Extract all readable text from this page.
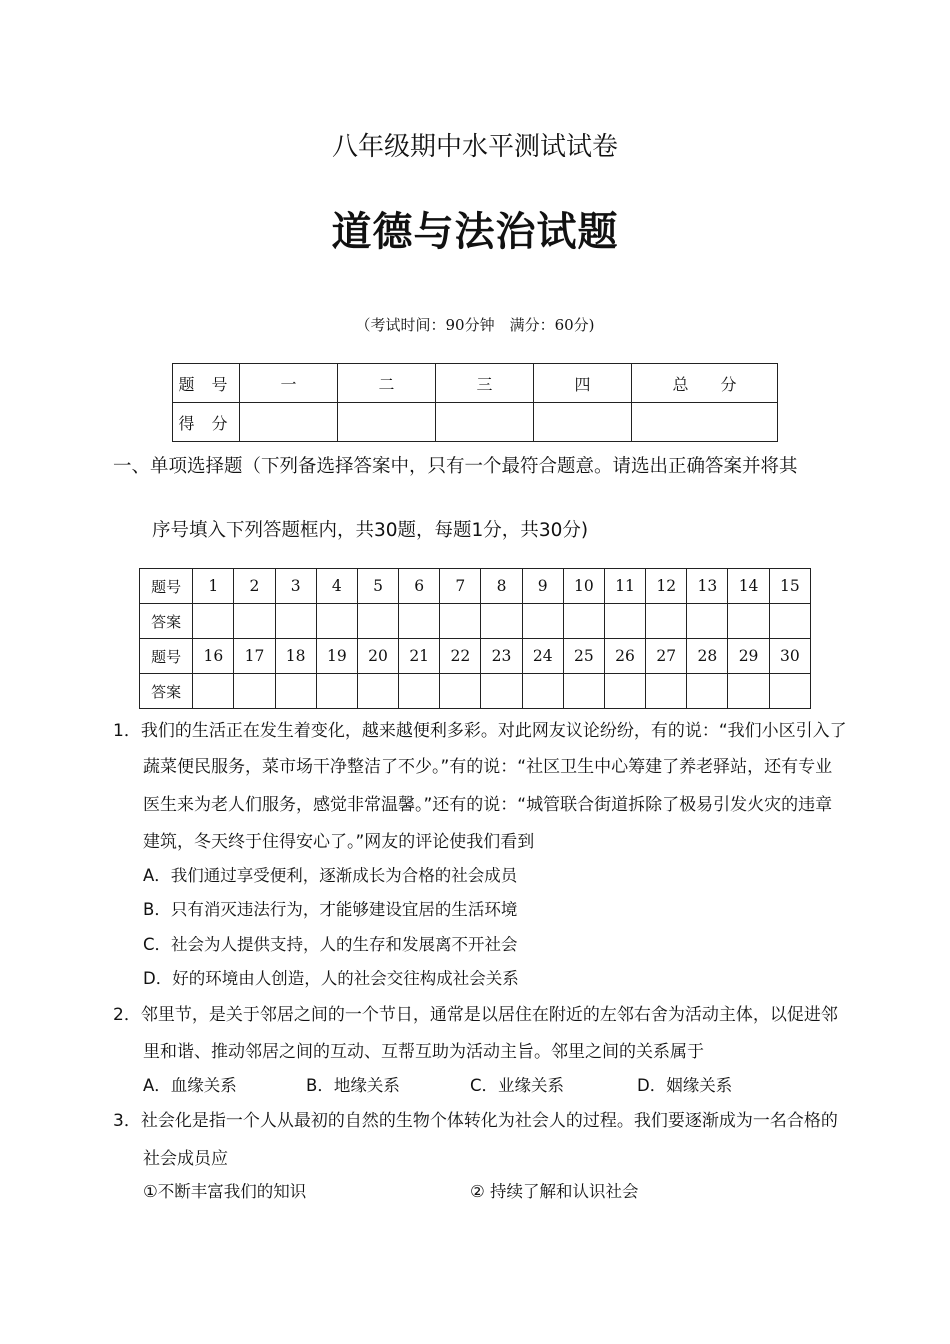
八年级期中水平测试试卷
道德与法治试题
（考试时间：90分钟　满分：60分)
题 号	一	二	三	四	总　　分
得 分					
一、单项选择题（下列备选择答案中，只有一个最符合题意。请选出正确答案并将其
序号填入下列答题框内，共30题，每题1分，共30分)
题号	1	2	3	4	5	6	7	8	9	10	11	12	13	14	15
答案															
题号	16	17	18	19	20	21	22	23	24	25	26	27	28	29	30
答案															
1．我们的生活正在发生着变化，越来越便利多彩。对此网友议论纷纷，有的说：“我们小区引入了
蔬菜便民服务，菜市场干净整洁了不少。”有的说：“社区卫生中心筹建了养老驿站，还有专业
医生来为老人们服务，感觉非常温馨。”还有的说：“城管联合街道拆除了极易引发火灾的违章
建筑，冬天终于住得安心了。”网友的评论使我们看到
A．我们通过享受便利，逐渐成长为合格的社会成员
B．只有消灭违法行为，才能够建设宜居的生活环境
C．社会为人提供支持，人的生存和发展离不开社会
D．好的环境由人创造，人的社会交往构成社会关系
2．邻里节，是关于邻居之间的一个节日，通常是以居住在附近的左邻右舍为活动主体，以促进邻
里和谐、推动邻居之间的互动、互帮互助为活动主旨。邻里之间的关系属于
A．血缘关系	B．地缘关系	C．业缘关系	D．姻缘关系
3．社会化是指一个人从最初的自然的生物个体转化为社会人的过程。我们要逐渐成为一名合格的
社会成员应
①不断丰富我们的知识	② 持续了解和认识社会
